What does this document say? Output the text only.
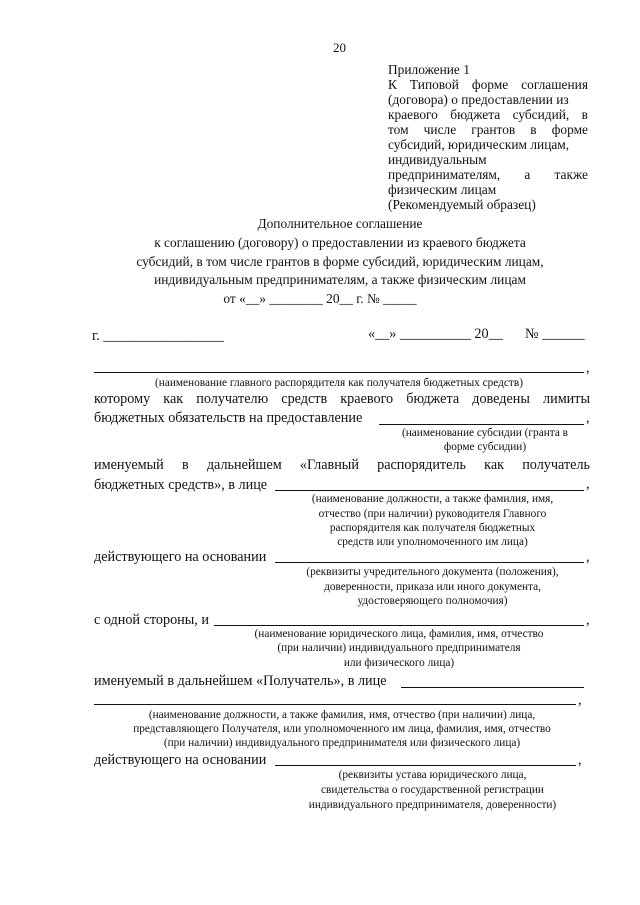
20
Приложение 1
К Типовой форме соглашения
(договора) о предоставлении из
краевого бюджета субсидий, в
том числе грантов в форме
субсидий, юридическим лицам,
индивидуальным
предпринимателям, а также
физическим лицам
(Рекомендуемый образец)
Дополнительное соглашение
к соглашению (договору) о предоставлении из краевого бюджета
субсидий, в том числе грантов в форме субсидий, юридическим лицам,
индивидуальным предпринимателям, а также физическим лицам
от «__» ________ 20__ г. № _____
г. _________________	«__» __________ 20__ № ______
,
(наименование главного распорядителя как получателя бюджетных средств)
которому как получателю средств краевого бюджета доведены лимиты
бюджетных обязательств на предоставление	,
(наименование субсидии (гранта в
форме субсидии)
именуемый в дальнейшем «Главный распорядитель как получатель
бюджетных средств», в лице	,
(наименование должности, а также фамилия, имя,
отчество (при наличии) руководителя Главного
распорядителя как получателя бюджетных
средств или уполномоченного им лица)
действующего на основании	,
(реквизиты учредительного документа (положения),
доверенности, приказа или иного документа,
удостоверяющего полномочия)
с одной стороны, и	,
(наименование юридического лица, фамилия, имя, отчество
(при наличии) индивидуального предпринимателя
или физического лица)
именуемый в дальнейшем «Получатель», в лице
,
(наименование должности, а также фамилия, имя, отчество (при наличии) лица,
представляющего Получателя, или уполномоченного им лица, фамилия, имя, отчество
(при наличии) индивидуального предпринимателя или физического лица)
действующего на основании	,
(реквизиты устава юридического лица,
свидетельства о государственной регистрации
индивидуального предпринимателя, доверенности)
